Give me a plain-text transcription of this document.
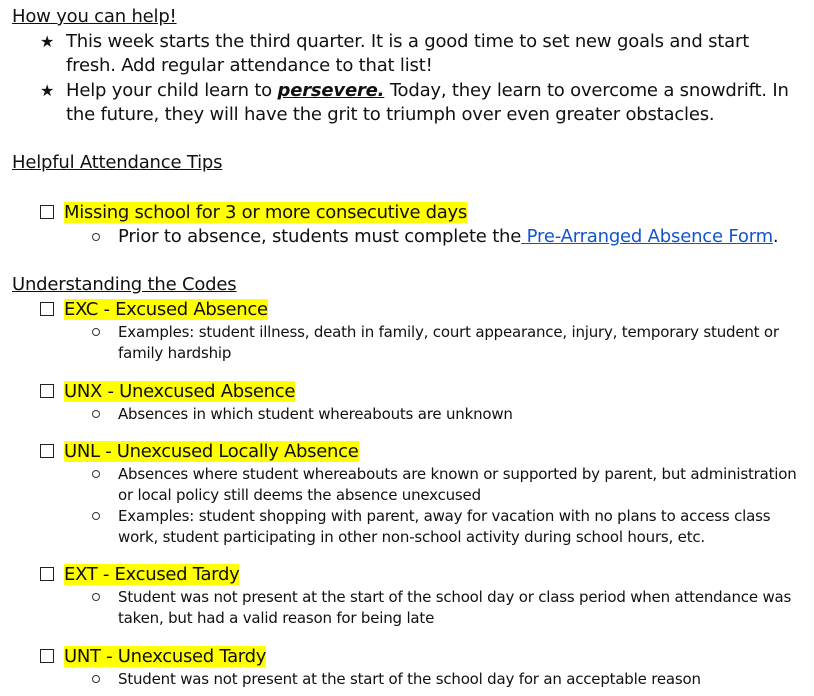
How you can help!
★ This week starts the third quarter. It is a good time to set new goals and start fresh. Add regular attendance to that list!
★ Help your child learn to persevere. Today, they learn to overcome a snowdrift. In the future, they will have the grit to triumph over even greater obstacles.
Helpful Attendance Tips
Missing school for 3 or more consecutive days
Prior to absence, students must complete the Pre-Arranged Absence Form.
Understanding the Codes
EXC - Excused Absence
Examples: student illness, death in family, court appearance, injury, temporary student or family hardship
UNX - Unexcused Absence
Absences in which student whereabouts are unknown
UNL - Unexcused Locally Absence
Absences where student whereabouts are known or supported by parent, but administration or local policy still deems the absence unexcused
Examples: student shopping with parent, away for vacation with no plans to access class work, student participating in other non-school activity during school hours, etc.
EXT - Excused Tardy
Student was not present at the start of the school day or class period when attendance was taken, but had a valid reason for being late
UNT - Unexcused Tardy
Student was not present at the start of the school day for an acceptable reason
